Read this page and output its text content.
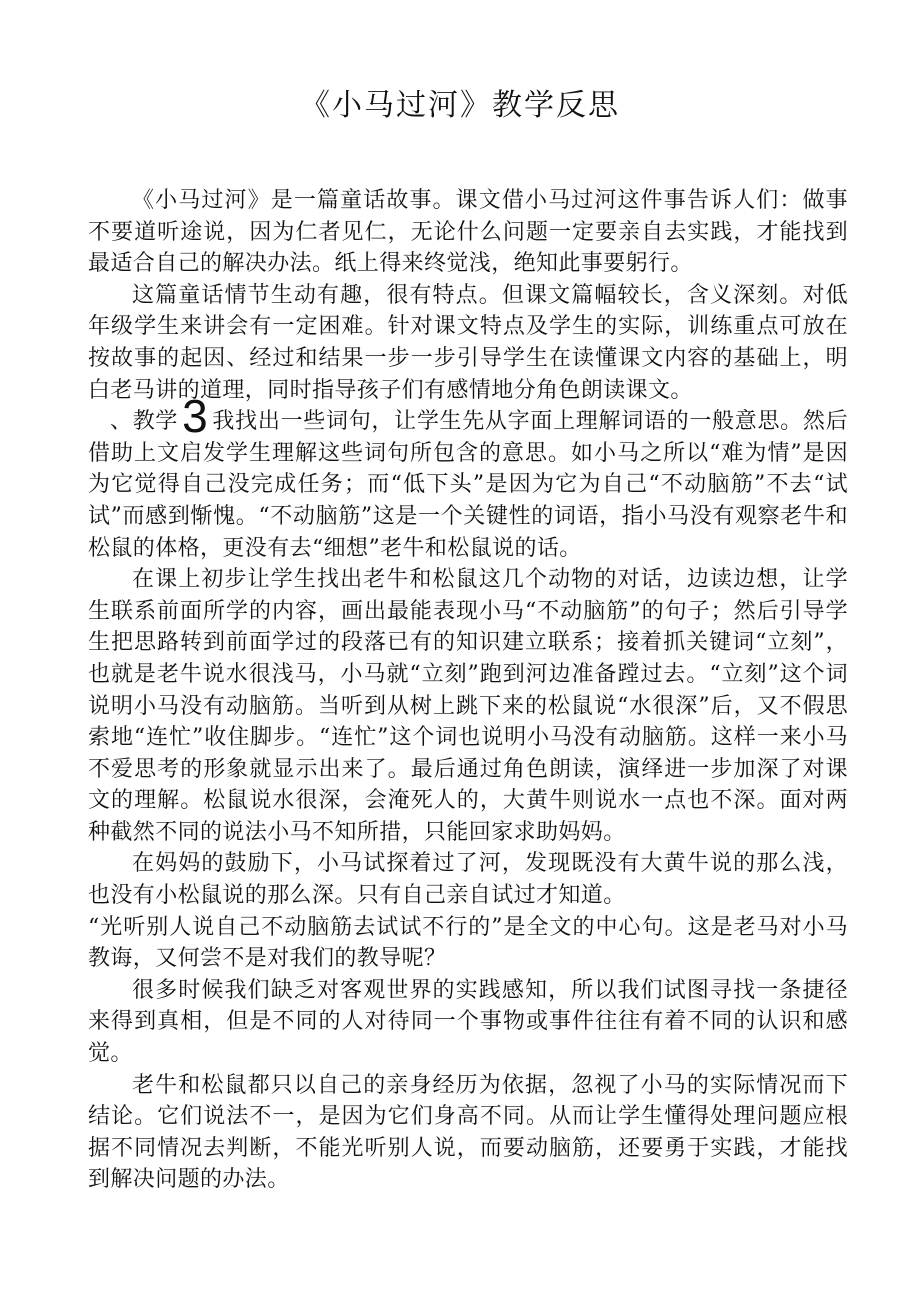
《小马过河》教学反思

《小马过河》是一篇童话故事。课文借小马过河这件事告诉人们：做事不要道听途说，因为仁者见仁，无论什么问题一定要亲自去实践，才能找到最适合自己的解决办法。纸上得来终觉浅，绝知此事要躬行。

这篇童话情节生动有趣，很有特点。但课文篇幅较长，含义深刻。对低年级学生来讲会有一定困难。针对课文特点及学生的实际，训练重点可放在按故事的起因、经过和结果一步一步引导学生在读懂课文内容的基础上，明白老马讲的道理，同时指导孩子们有感情地分角色朗读课文。

、教学3 我找出一些词句，让学生先从字面上理解词语的一般意思。然后借助上文启发学生理解这些词句所包含的意思。如小马之所以“难为情”是因为它觉得自己没完成任务；而“低下头”是因为它为自己“不动脑筋”不去“试试”而感到惭愧。“不动脑筋”这是一个关键性的词语，指小马没有观察老牛和松鼠的体格，更没有去“细想”老牛和松鼠说的话。

在课上初步让学生找出老牛和松鼠这几个动物的对话，边读边想，让学生联系前面所学的内容，画出最能表现小马“不动脑筋”的句子；然后引导学生把思路转到前面学过的段落已有的知识建立联系；接着抓关键词“立刻”，也就是老牛说水很浅马，小马就“立刻”跑到河边准备蹚过去。“立刻”这个词说明小马没有动脑筋。当听到从树上跳下来的松鼠说“水很深”后，又不假思索地“连忙”收住脚步。“连忙”这个词也说明小马没有动脑筋。这样一来小马不爱思考的形象就显示出来了。最后通过角色朗读，演绎进一步加深了对课文的理解。松鼠说水很深，会淹死人的，大黄牛则说水一点也不深。面对两种截然不同的说法小马不知所措，只能回家求助妈妈。

在妈妈的鼓励下，小马试探着过了河，发现既没有大黄牛说的那么浅，也没有小松鼠说的那么深。只有自己亲自试过才知道。

“光听别人说自己不动脑筋去试试不行的”是全文的中心句。这是老马对小马教诲，又何尝不是对我们的教导呢？

很多时候我们缺乏对客观世界的实践感知，所以我们试图寻找一条捷径来得到真相，但是不同的人对待同一个事物或事件往往有着不同的认识和感觉。

老牛和松鼠都只以自己的亲身经历为依据，忽视了小马的实际情况而下结论。它们说法不一，是因为它们身高不同。从而让学生懂得处理问题应根据不同情况去判断，不能光听别人说，而要动脑筋，还要勇于实践，才能找到解决问题的办法。
